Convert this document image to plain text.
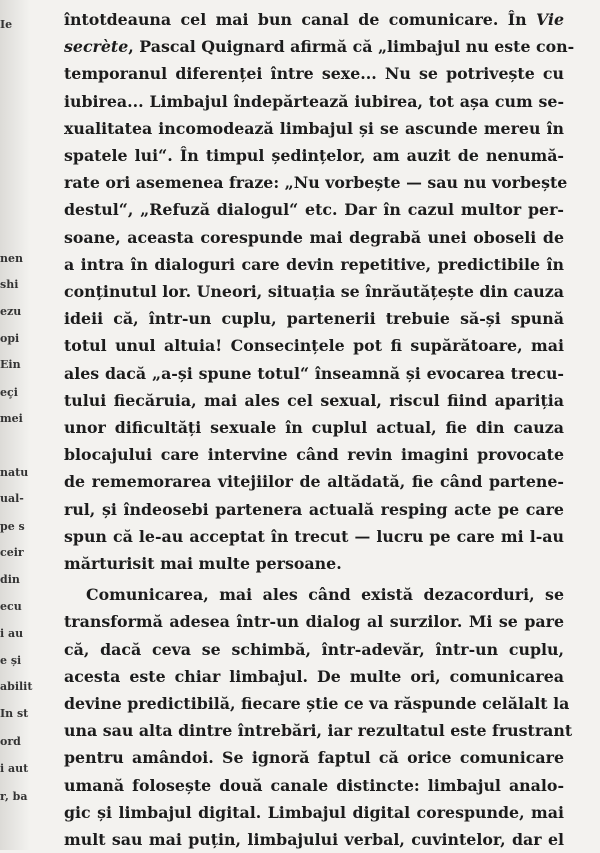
Ie
nen
shi
ezu
opi
Ein
eçi
mei
natu
ual-
pe s
ceir
din
ecu
i au
e și
abilit
In st
ord
i aut
r, ba
întotdeauna cel mai bun canal de comunicare. În Vie
secrète, Pascal Quignard afirmă că „limbajul nu este con-
temporanul diferenței între sexe... Nu se potrivește cu
iubirea... Limbajul îndepărtează iubirea, tot așa cum se-
xualitatea incomodează limbajul și se ascunde mereu în
spatele lui“. În timpul ședințelor, am auzit de nenumă-
rate ori asemenea fraze: „Nu vorbește — sau nu vorbește
destul“, „Refuză dialogul“ etc. Dar în cazul multor per-
soane, aceasta corespunde mai degrabă unei oboseli de
a intra în dialoguri care devin repetitive, predictibile în
conținutul lor. Uneori, situația se înrăutățește din cauza
ideii că, într-un cuplu, partenerii trebuie să-și spună
totul unul altuia! Consecințele pot fi supărătoare, mai
ales dacă „a-și spune totul“ înseamnă și evocarea trecu-
tului fiecăruia, mai ales cel sexual, riscul fiind apariția
unor dificultăți sexuale în cuplul actual, fie din cauza
blocajului care intervine când revin imagini provocate
de rememorarea vitejiilor de altădată, fie când partene-
rul, și îndeosebi partenera actuală resping acte pe care
spun că le-au acceptat în trecut — lucru pe care mi l-au
mărturisit mai multe persoane.
Comunicarea, mai ales când există dezacorduri, se
transformă adesea într-un dialog al surzilor. Mi se pare
că, dacă ceva se schimbă, într-adevăr, într-un cuplu,
acesta este chiar limbajul. De multe ori, comunicarea
devine predictibilă, fiecare știe ce va răspunde celălalt la
una sau alta dintre întrebări, iar rezultatul este frustrant
pentru amândoi. Se ignoră faptul că orice comunicare
umană folosește două canale distincte: limbajul analo-
gic și limbajul digital. Limbajul digital corespunde, mai
mult sau mai puțin, limbajului verbal, cuvintelor, dar el
